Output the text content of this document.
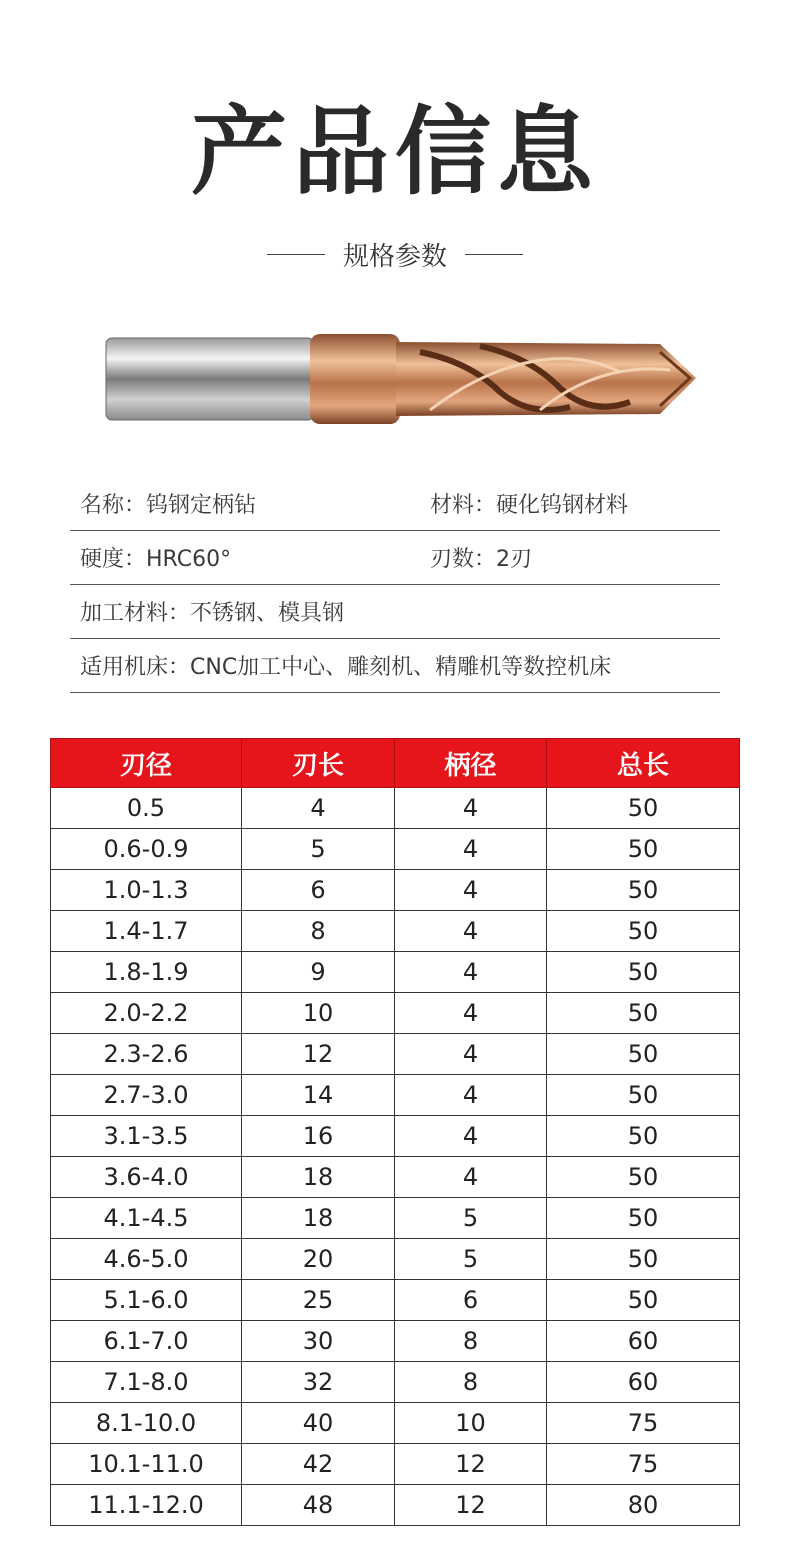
产品信息
规格参数
名称：钨钢定柄钻	材料：硬化钨钢材料
硬度：HRC60°	刃数：2刃
加工材料：不锈钢、模具钢
适用机床：CNC加工中心、雕刻机、精雕机等数控机床
刃径	刃长	柄径	总长
0.5	4	4	50
0.6-0.9	5	4	50
1.0-1.3	6	4	50
1.4-1.7	8	4	50
1.8-1.9	9	4	50
2.0-2.2	10	4	50
2.3-2.6	12	4	50
2.7-3.0	14	4	50
3.1-3.5	16	4	50
3.6-4.0	18	4	50
4.1-4.5	18	5	50
4.6-5.0	20	5	50
5.1-6.0	25	6	50
6.1-7.0	30	8	60
7.1-8.0	32	8	60
8.1-10.0	40	10	75
10.1-11.0	42	12	75
11.1-12.0	48	12	80
